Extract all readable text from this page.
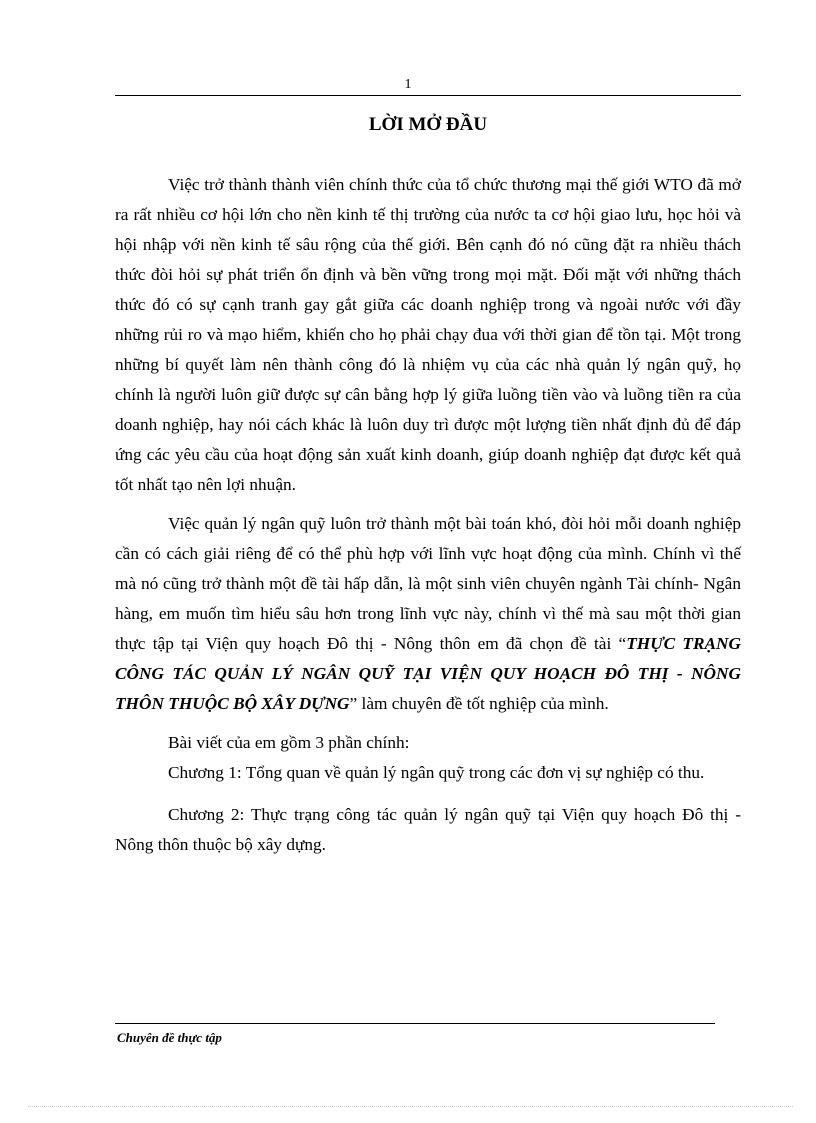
1
LỜI MỞ ĐẦU

Việc trở thành thành viên chính thức của tổ chức thương mại thế giới WTO đã mở ra rất nhiều cơ hội lớn cho nền kinh tế thị trường của nước ta cơ hội giao lưu, học hỏi và hội nhập với nền kinh tế sâu rộng của thế giới. Bên cạnh đó nó cũng đặt ra nhiều thách thức đòi hỏi sự phát triển ổn định và bền vững trong mọi mặt. Đối mặt với những thách thức đó có sự cạnh tranh gay gắt giữa các doanh nghiệp trong và ngoài nước với đầy những rủi ro và mạo hiểm, khiến cho họ phải chạy đua với thời gian để tồn tại. Một trong những bí quyết làm nên thành công đó là nhiệm vụ của các nhà quản lý ngân quỹ, họ chính là người luôn giữ được sự cân bằng hợp lý giữa luồng tiền vào và luồng tiền ra của doanh nghiệp, hay nói cách khác là luôn duy trì được một lượng tiền nhất định đủ để đáp ứng các yêu cầu của hoạt động sản xuất kinh doanh, giúp doanh nghiệp đạt được kết quả tốt nhất tạo nên lợi nhuận.

Việc quản lý ngân quỹ luôn trở thành một bài toán khó, đòi hỏi mỗi doanh nghiệp cần có cách giải riêng để có thể phù hợp với lĩnh vực hoạt động của mình. Chính vì thế mà nó cũng trở thành một đề tài hấp dẫn, là một sinh viên chuyên ngành Tài chính- Ngân hàng, em muốn tìm hiểu sâu hơn trong lĩnh vực này, chính vì thế mà sau một thời gian thực tập tại Viện quy hoạch Đô thị - Nông thôn em đã chọn đề tài “THỰC TRẠNG CÔNG TÁC QUẢN LÝ NGÂN QUỸ TẠI VIỆN QUY HOẠCH ĐÔ THỊ - NÔNG THÔN THUỘC BỘ XÂY DỰNG” làm chuyên đề tốt nghiệp của mình.

Bài viết của em gồm 3 phần chính:

Chương 1: Tổng quan về quản lý ngân quỹ trong các đơn vị sự nghiệp có thu.

Chương 2: Thực trạng công tác quản lý ngân quỹ tại Viện quy hoạch Đô thị - Nông thôn thuộc bộ xây dựng.

Chuyên đề thực tập
